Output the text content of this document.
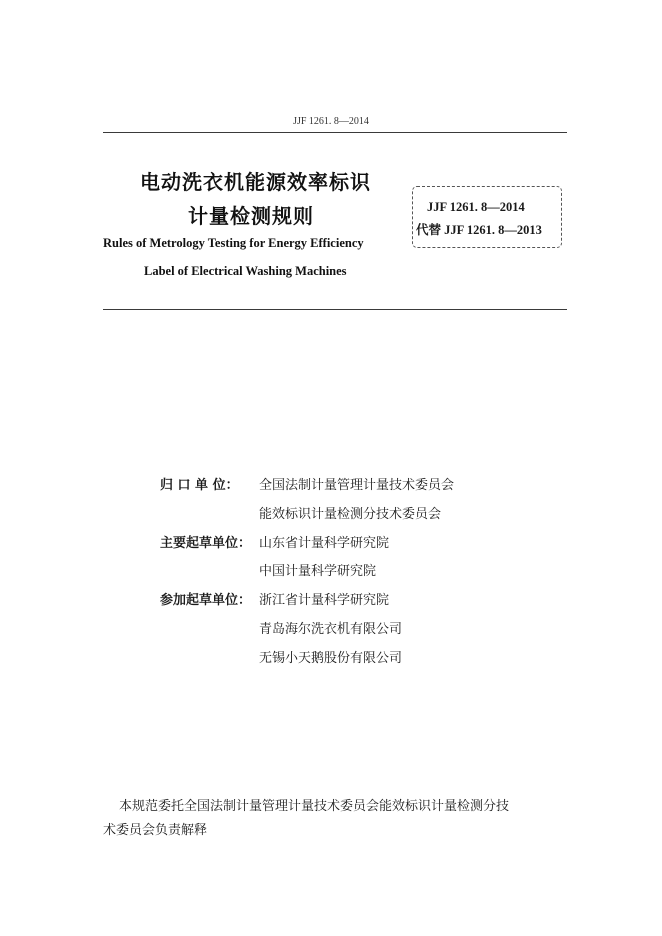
JJF 1261. 8—2014
电动洗衣机能源效率标识
计量检测规则
Rules of Metrology Testing for Energy Efficiency
Label of Electrical Washing Machines
JJF 1261. 8—2014
代替 JJF 1261. 8—2013
归 口 单 位：	全国法制计量管理计量技术委员会
能效标识计量检测分技术委员会
主要起草单位： 山东省计量科学研究院
中国计量科学研究院
参加起草单位： 浙江省计量科学研究院
青岛海尔洗衣机有限公司
无锡小天鹅股份有限公司
本规范委托全国法制计量管理计量技术委员会能效标识计量检测分技
术委员会负责解释
